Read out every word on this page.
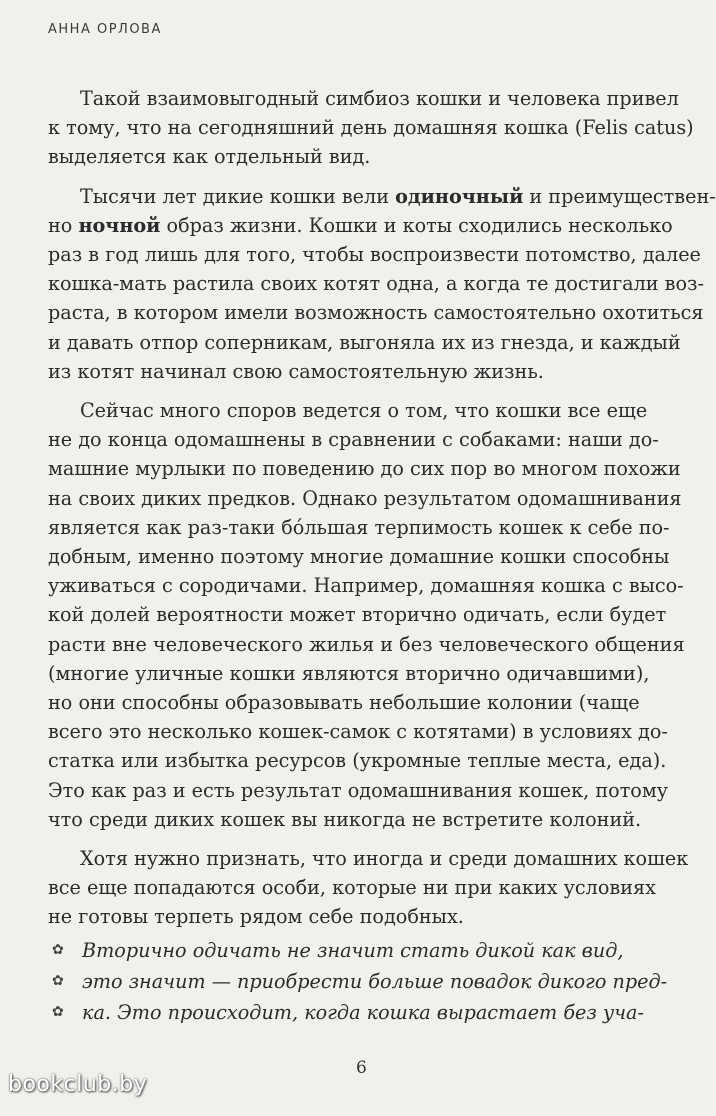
АННА ОРЛОВА
Такой взаимовыгодный симбиоз кошки и человека привел
к тому, что на сегодняшний день домашняя кошка (Felis catus)
выделяется как отдельный вид.
Тысячи лет дикие кошки вели одиночный и преимуществен-
но ночной образ жизни. Кошки и коты сходились несколько
раз в год лишь для того, чтобы воспроизвести потомство, далее
кошка-мать растила своих котят одна, а когда те достигали воз-
раста, в котором имели возможность самостоятельно охотиться
и давать отпор соперникам, выгоняла их из гнезда, и каждый
из котят начинал свою самостоятельную жизнь.
Сейчас много споров ведется о том, что кошки все еще
не до конца одомашнены в сравнении с собаками: наши до-
машние мурлыки по поведению до сих пор во многом похожи
на своих диких предков. Однако результатом одомашнивания
является как раз-таки бóльшая терпимость кошек к себе по-
добным, именно поэтому многие домашние кошки способны
уживаться с сородичами. Например, домашняя кошка с высо-
кой долей вероятности может вторично одичать, если будет
расти вне человеческого жилья и без человеческого общения
(многие уличные кошки являются вторично одичавшими),
но они способны образовывать небольшие колонии (чаще
всего это несколько кошек-самок с котятами) в условиях до-
статка или избытка ресурсов (укромные теплые места, еда).
Это как раз и есть результат одомашнивания кошек, потому
что среди диких кошек вы никогда не встретите колоний.
Хотя нужно признать, что иногда и среди домашних кошек
все еще попадаются особи, которые ни при каких условиях
не готовы терпеть рядом себе подобных.
✿ Вторично одичать не значит стать дикой как вид,
✿ это значит — приобрести больше повадок дикого пред-
✿ ка. Это происходит, когда кошка вырастает без уча-
6
bookclub.by
